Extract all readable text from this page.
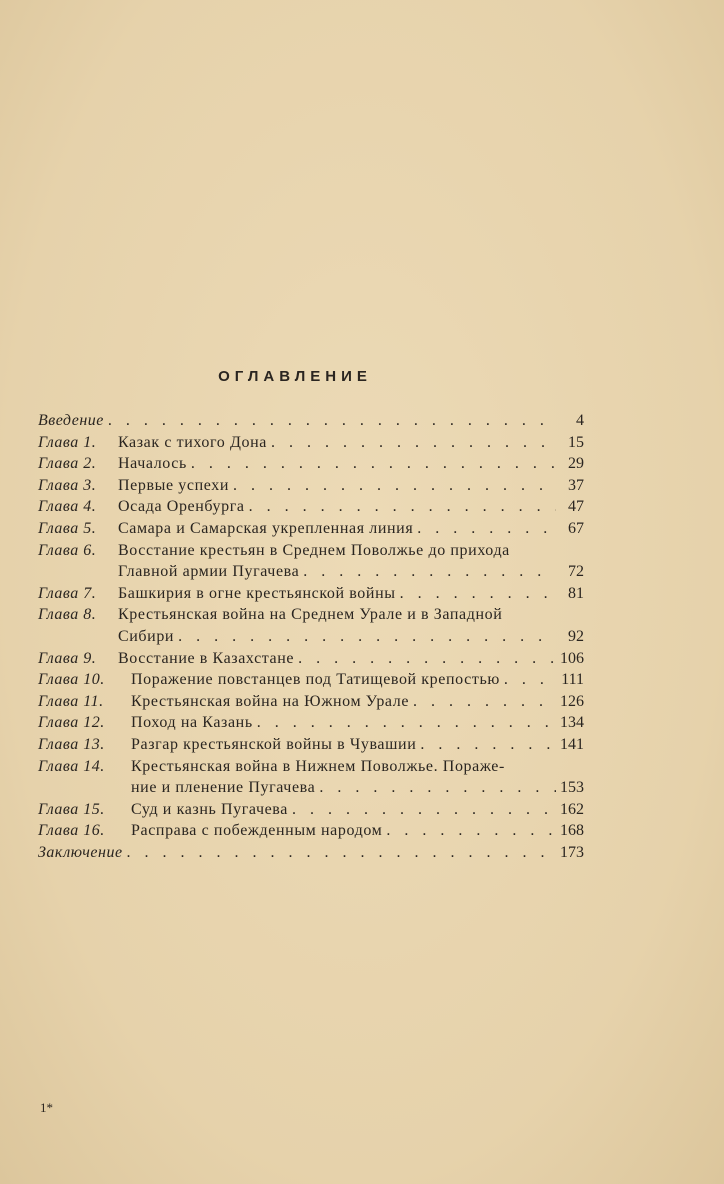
ОГЛАВЛЕНИЕ
Введение . . .	4
Глава 1.	Казак с тихого Дона . . .	15
Глава 2.	Началось . . .	29
Глава 3.	Первые успехи . . .	37
Глава 4.	Осада Оренбурга . . .	47
Глава 5.	Самара и Самарская укрепленная линия . . .	67
Глава 6.	Восстание крестьян в Среднем Поволжье до прихода
Главной армии Пугачева . . .	72
Глава 7.	Башкирия в огне крестьянской войны . . .	81
Глава 8.	Крестьянская война на Среднем Урале и в Западной
Сибири . . .	92
Глава 9.	Восстание в Казахстане . . .	106
Глава 10.	Поражение повстанцев под Татищевой крепостью . . .	111
Глава 11.	Крестьянская война на Южном Урале . . .	126
Глава 12.	Поход на Казань . . .	134
Глава 13.	Разгар крестьянской войны в Чувашии . . .	141
Глава 14.	Крестьянская война в Нижнем Поволжье. Пораже-
ние и пленение Пугачева . . .	153
Глава 15.	Суд и казнь Пугачева . . .	162
Глава 16.	Расправа с побежденным народом . . .	168
Заключение . . .	173
1*
